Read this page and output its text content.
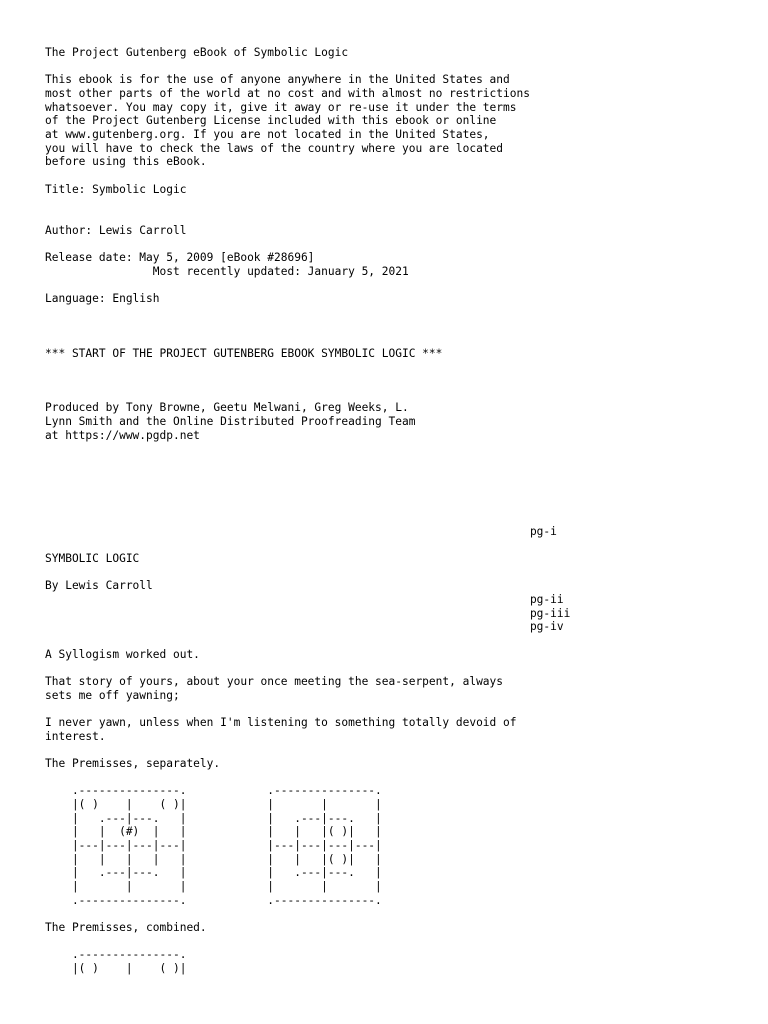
The Project Gutenberg eBook of Symbolic Logic
This ebook is for the use of anyone anywhere in the United States and
most other parts of the world at no cost and with almost no restrictions
whatsoever. You may copy it, give it away or re-use it under the terms
of the Project Gutenberg License included with this ebook or online
at www.gutenberg.org. If you are not located in the United States,
you will have to check the laws of the country where you are located
before using this eBook.
Title: Symbolic Logic
Author: Lewis Carroll
Release date: May 5, 2009 [eBook #28696]
Most recently updated: January 5, 2021
Language: English
*** START OF THE PROJECT GUTENBERG EBOOK SYMBOLIC LOGIC ***
Produced by Tony Browne, Geetu Melwani, Greg Weeks, L.
Lynn Smith and the Online Distributed Proofreading Team
at https://www.pgdp.net
pg-i
SYMBOLIC LOGIC
By Lewis Carroll
pg-ii
pg-iii
pg-iv
A Syllogism worked out.
That story of yours, about your once meeting the sea-serpent, always
sets me off yawning;
I never yawn, unless when I'm listening to something totally devoid of
interest.
The Premisses, separately.
.---------------.            .---------------.
|( )    |    ( )|            |       |       |
|   .---|---.   |            |   .---|---.   |
|   |  (#)  |   |            |   |   |( )|   |
|---|---|---|---|            |---|---|---|---|
|   |   |   |   |            |   |   |( )|   |
|   .---|---.   |            |   .---|---.   |
|       |       |            |       |       |
.---------------.            .---------------.
The Premisses, combined.
.---------------.
|( )    |    ( )|
